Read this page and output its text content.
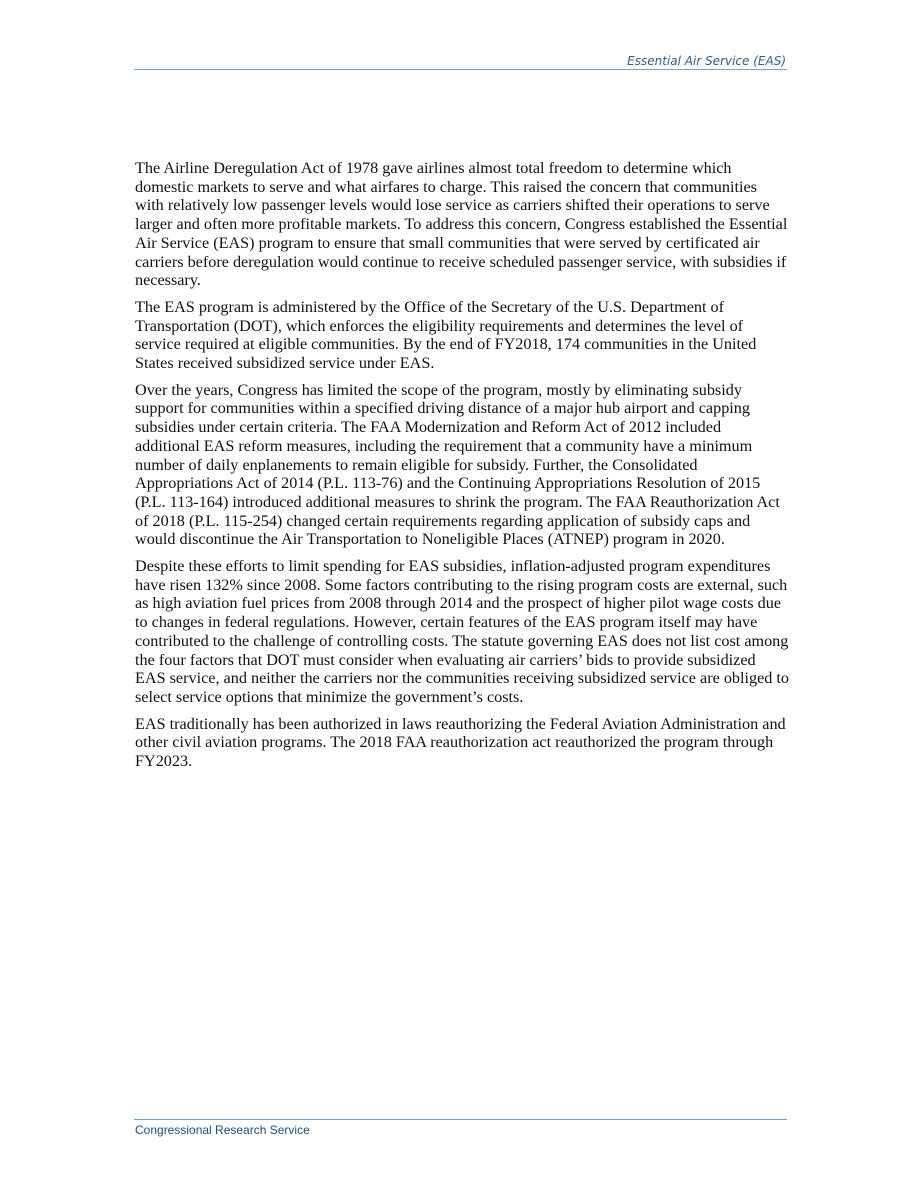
Essential Air Service (EAS)

The Airline Deregulation Act of 1978 gave airlines almost total freedom to determine which domestic markets to serve and what airfares to charge. This raised the concern that communities with relatively low passenger levels would lose service as carriers shifted their operations to serve larger and often more profitable markets. To address this concern, Congress established the Essential Air Service (EAS) program to ensure that small communities that were served by certificated air carriers before deregulation would continue to receive scheduled passenger service, with subsidies if necessary.

The EAS program is administered by the Office of the Secretary of the U.S. Department of Transportation (DOT), which enforces the eligibility requirements and determines the level of service required at eligible communities. By the end of FY2018, 174 communities in the United States received subsidized service under EAS.

Over the years, Congress has limited the scope of the program, mostly by eliminating subsidy support for communities within a specified driving distance of a major hub airport and capping subsidies under certain criteria. The FAA Modernization and Reform Act of 2012 included additional EAS reform measures, including the requirement that a community have a minimum number of daily enplanements to remain eligible for subsidy. Further, the Consolidated Appropriations Act of 2014 (P.L. 113-76) and the Continuing Appropriations Resolution of 2015 (P.L. 113-164) introduced additional measures to shrink the program. The FAA Reauthorization Act of 2018 (P.L. 115-254) changed certain requirements regarding application of subsidy caps and would discontinue the Air Transportation to Noneligible Places (ATNEP) program in 2020.

Despite these efforts to limit spending for EAS subsidies, inflation-adjusted program expenditures have risen 132% since 2008. Some factors contributing to the rising program costs are external, such as high aviation fuel prices from 2008 through 2014 and the prospect of higher pilot wage costs due to changes in federal regulations. However, certain features of the EAS program itself may have contributed to the challenge of controlling costs. The statute governing EAS does not list cost among the four factors that DOT must consider when evaluating air carriers’ bids to provide subsidized EAS service, and neither the carriers nor the communities receiving subsidized service are obliged to select service options that minimize the government’s costs.

EAS traditionally has been authorized in laws reauthorizing the Federal Aviation Administration and other civil aviation programs. The 2018 FAA reauthorization act reauthorized the program through FY2023.

Congressional Research Service
